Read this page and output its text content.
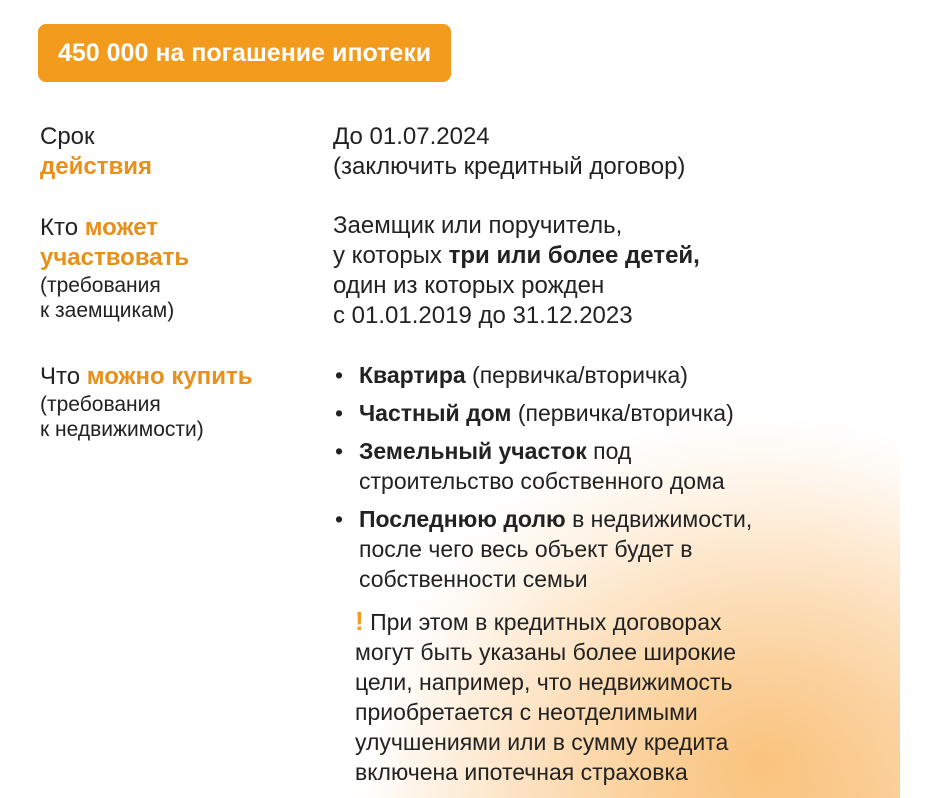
450 000 на погашение ипотеки
Срок
действия
До 01.07.2024
(заключить кредитный договор)
Кто может
участвовать
(требования
к заемщикам)
Заемщик или поручитель,
у которых три или более детей,
один из которых рожден
с 01.01.2019 до 31.12.2023
Что можно купить
(требования
к недвижимости)
• Квартира (первичка/вторичка)
• Частный дом (первичка/вторичка)
• Земельный участок под
строительство собственного дома
• Последнюю долю в недвижимости,
после чего весь объект будет в
собственности семьи
! При этом в кредитных договорах
могут быть указаны более широкие
цели, например, что недвижимость
приобретается с неотделимыми
улучшениями или в сумму кредита
включена ипотечная страховка
